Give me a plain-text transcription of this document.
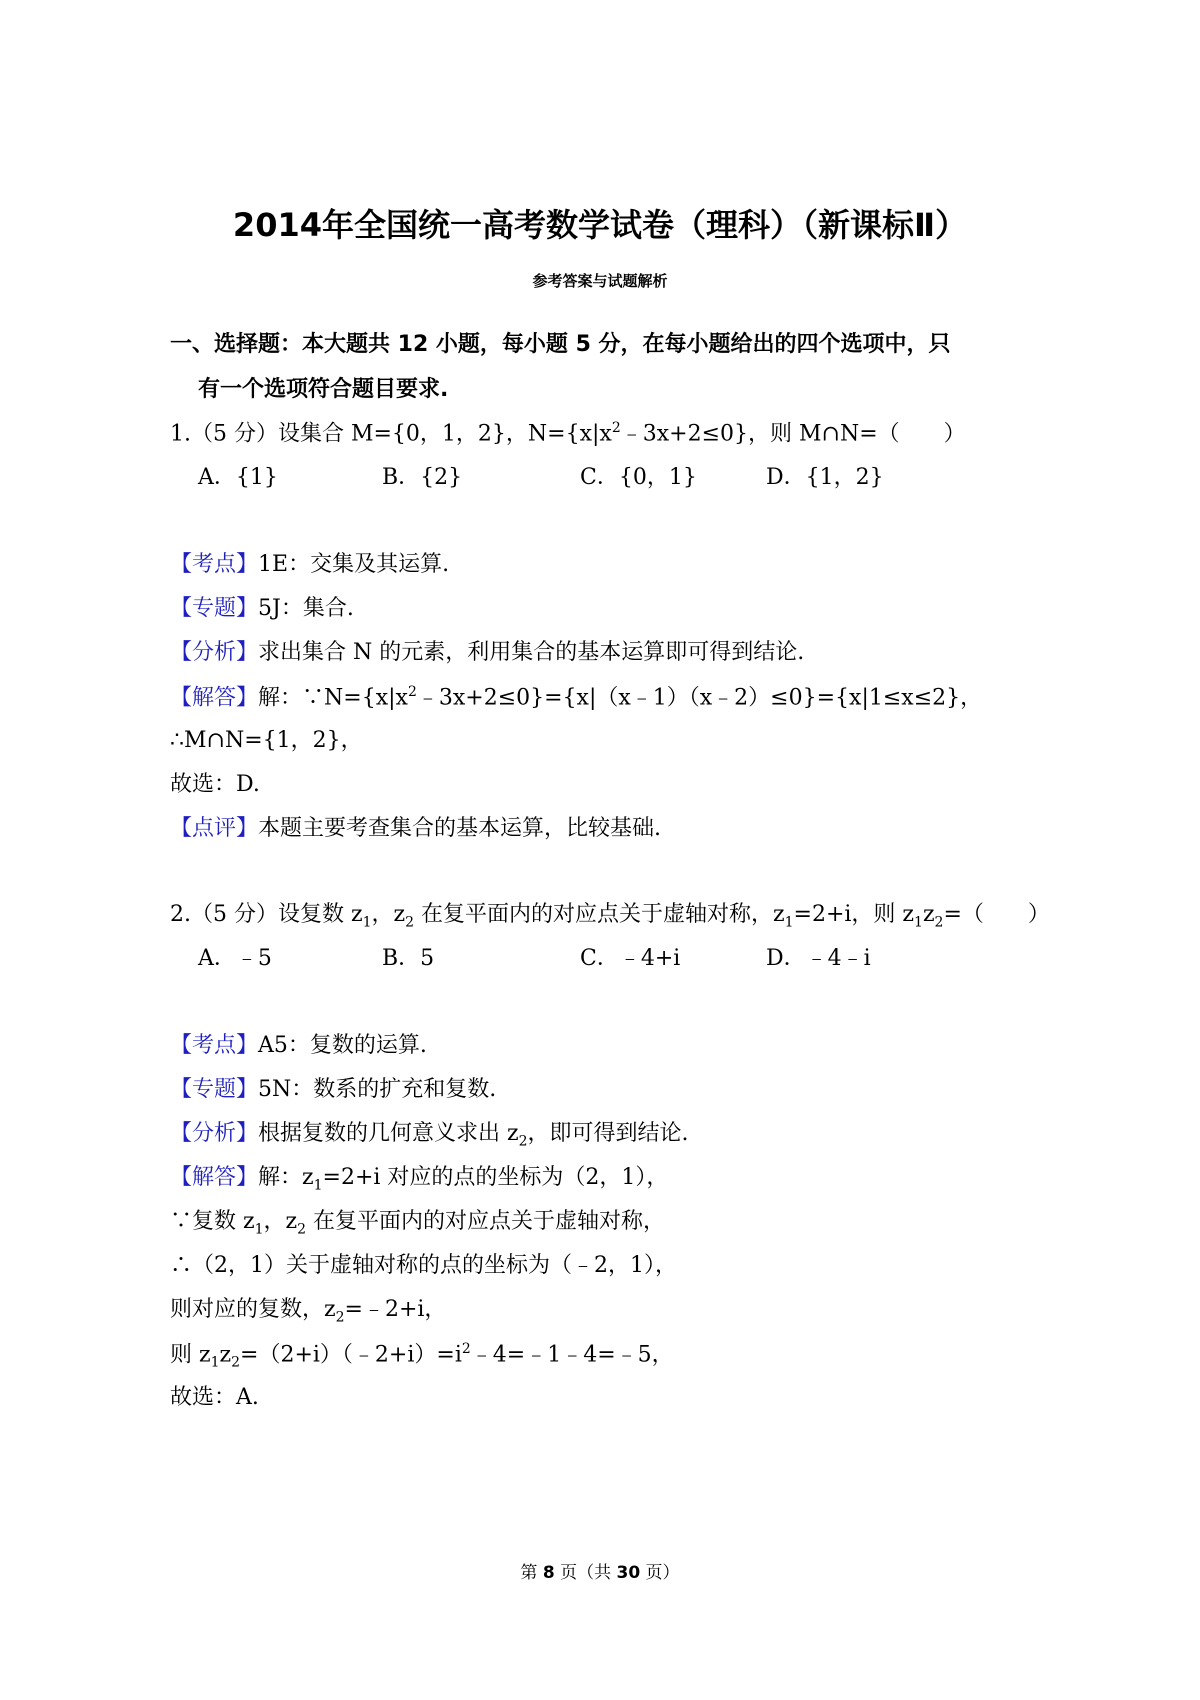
2014年全国统一高考数学试卷（理科）（新课标Ⅱ）
参考答案与试题解析
一、选择题：本大题共 12 小题，每小题 5 分，在每小题给出的四个选项中，只
有一个选项符合题目要求.
1.（5 分）设集合 M={0，1，2}，$N=\{x|x^2﹣3x+2\le 0\}$，则 M∩N=（　　）
A．{1}	B．{2}	C．{0，1}	D．{1，2}
【考点】1E：交集及其运算.
【专题】5J：集合.
【分析】求出集合 N 的元素，利用集合的基本运算即可得到结论.
【解答】解：$\because N=\{x|x^2﹣3x+2\le 0\}=\{x|(x﹣1)(x﹣2)\le 0\}=\{x|1\le x\le 2\}$，
∴M∩N={1，2}，
故选：D.
【点评】本题主要考查集合的基本运算，比较基础.
2.（5 分）设复数 $z_1$，$z_2$ 在复平面内的对应点关于虚轴对称，$z_1=2+i$，则 $z_1z_2=$（　　）
A．﹣5	B．5	C．﹣4+i	D．﹣4﹣i
【考点】A5：复数的运算.
【专题】5N：数系的扩充和复数.
【分析】根据复数的几何意义求出 $z_2$，即可得到结论.
【解答】解：$z_1=2+i$ 对应的点的坐标为（2，1），
∵复数 $z_1$，$z_2$ 在复平面内的对应点关于虚轴对称，
∴（2，1）关于虚轴对称的点的坐标为（﹣2，1），
则对应的复数，$z_2=﹣2+i$，
则 $z_1z_2=(2+i)(﹣2+i)=i^2﹣4=﹣1﹣4=﹣5$，
故选：A.
第 8 页（共 30 页）
